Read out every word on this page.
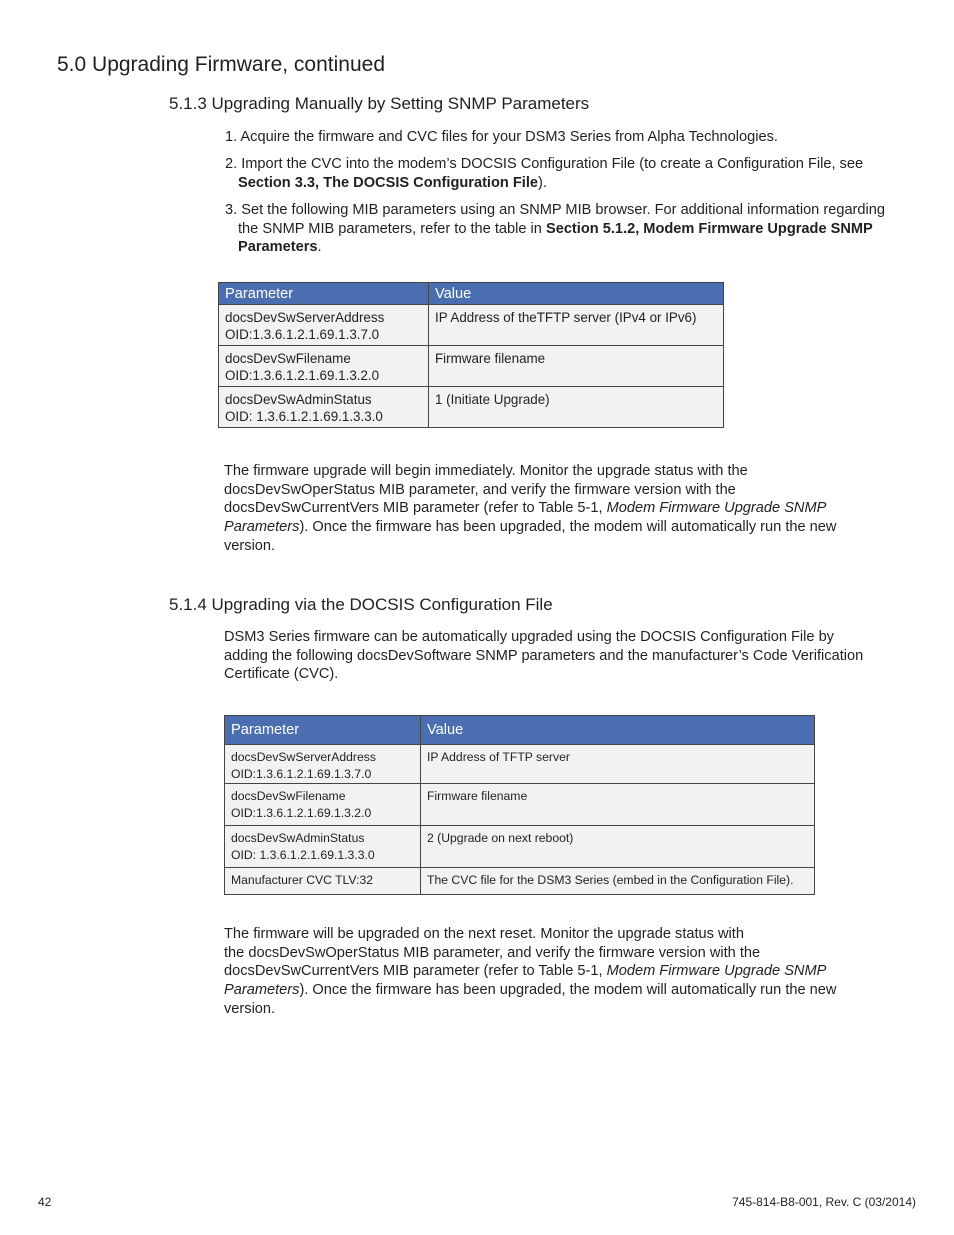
5.0 Upgrading Firmware, continued
5.1.3 Upgrading Manually by Setting SNMP Parameters

1. Acquire the firmware and CVC files for your DSM3 Series from Alpha Technologies.

2. Import the CVC into the modem’s DOCSIS Configuration File (to create a Configuration File, see Section 3.3, The DOCSIS Configuration File).

3. Set the following MIB parameters using an SNMP MIB browser. For additional information regarding the SNMP MIB parameters, refer to the table in Section 5.1.2, Modem Firmware Upgrade SNMP Parameters.

Parameter	Value

docsDevSwServerAddress
OID:1.3.6.1.2.1.69.1.3.7.0	IP Address of theTFTP server (IPv4 or IPv6)

docsDevSwFilename
OID:1.3.6.1.2.1.69.1.3.2.0	Firmware filename

docsDevSwAdminStatus
OID: 1.3.6.1.2.1.69.1.3.3.0	1 (Initiate Upgrade)

The firmware upgrade will begin immediately. Monitor the upgrade status with the docsDevSwOperStatus MIB parameter, and verify the firmware version with the docsDevSwCurrentVers MIB parameter (refer to Table 5-1, Modem Firmware Upgrade SNMP Parameters). Once the firmware has been upgraded, the modem will automatically run the new version.

5.1.4 Upgrading via the DOCSIS Configuration File

DSM3 Series firmware can be automatically upgraded using the DOCSIS Configuration File by adding the following docsDevSoftware SNMP parameters and the manufacturer’s Code Verification Certificate (CVC).

Parameter	Value

docsDevSwServerAddress
OID:1.3.6.1.2.1.69.1.3.7.0	IP Address of TFTP server

docsDevSwFilename
OID:1.3.6.1.2.1.69.1.3.2.0	Firmware filename

docsDevSwAdminStatus
OID: 1.3.6.1.2.1.69.1.3.3.0	2 (Upgrade on next reboot)

Manufacturer CVC TLV:32	The CVC file for the DSM3 Series (embed in the Configuration File).

The firmware will be upgraded on the next reset. Monitor the upgrade status with
the docsDevSwOperStatus MIB parameter, and verify the firmware version with the docsDevSwCurrentVers MIB parameter (refer to Table 5-1, Modem Firmware Upgrade SNMP Parameters). Once the firmware has been upgraded, the modem will automatically run the new version.

42	745-814-B8-001, Rev. C (03/2014)
